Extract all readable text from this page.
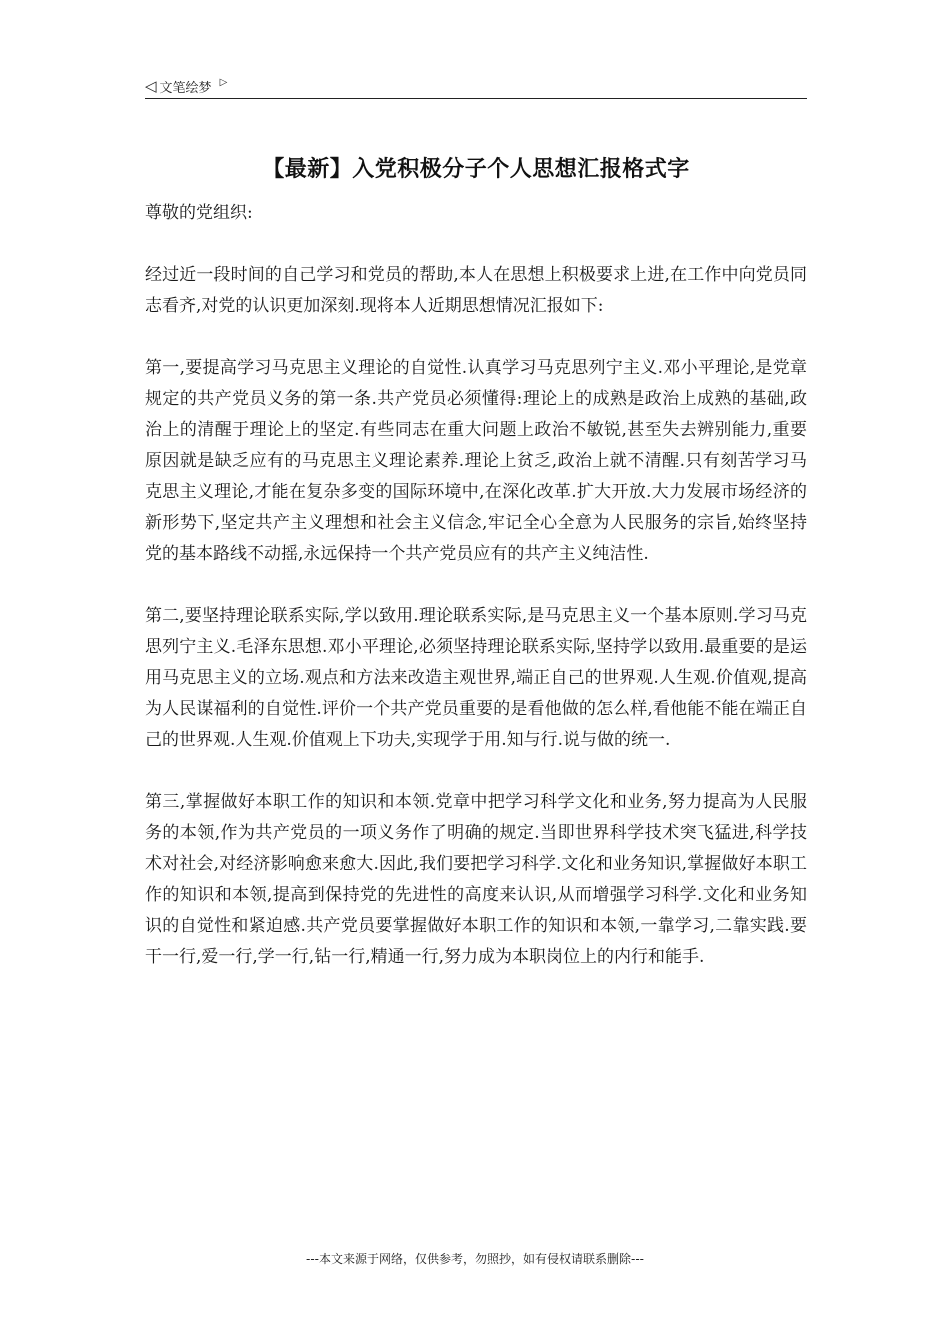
◁ 文笔绘梦 ▷
【最新】入党积极分子个人思想汇报格式字

尊敬的党组织:

经过近一段时间的自己学习和党员的帮助,本人在思想上积极要求上进,在工作中向党员同志看齐,对党的认识更加深刻.现将本人近期思想情况汇报如下:

第一,要提高学习马克思主义理论的自觉性.认真学习马克思列宁主义.邓小平理论,是党章规定的共产党员义务的第一条.共产党员必须懂得:理论上的成熟是政治上成熟的基础,政治上的清醒于理论上的坚定.有些同志在重大问题上政治不敏锐,甚至失去辨别能力,重要原因就是缺乏应有的马克思主义理论素养.理论上贫乏,政治上就不清醒.只有刻苦学习马克思主义理论,才能在复杂多变的国际环境中,在深化改革.扩大开放.大力发展市场经济的新形势下,坚定共产主义理想和社会主义信念,牢记全心全意为人民服务的宗旨,始终坚持党的基本路线不动摇,永远保持一个共产党员应有的共产主义纯洁性.

第二,要坚持理论联系实际,学以致用.理论联系实际,是马克思主义一个基本原则.学习马克思列宁主义.毛泽东思想.邓小平理论,必须坚持理论联系实际,坚持学以致用.最重要的是运用马克思主义的立场.观点和方法来改造主观世界,端正自己的世界观.人生观.价值观,提高为人民谋福利的自觉性.评价一个共产党员重要的是看他做的怎么样,看他能不能在端正自己的世界观.人生观.价值观上下功夫,实现学于用.知与行.说与做的统一.

第三,掌握做好本职工作的知识和本领.党章中把学习科学文化和业务,努力提高为人民服务的本领,作为共产党员的一项义务作了明确的规定.当即世界科学技术突飞猛进,科学技术对社会,对经济影响愈来愈大.因此,我们要把学习科学.文化和业务知识,掌握做好本职工作的知识和本领,提高到保持党的先进性的高度来认识,从而增强学习科学.文化和业务知识的自觉性和紧迫感.共产党员要掌握做好本职工作的知识和本领,一靠学习,二靠实践.要干一行,爱一行,学一行,钻一行,精通一行,努力成为本职岗位上的内行和能手.

---本文来源于网络，仅供参考，勿照抄，如有侵权请联系删除---
